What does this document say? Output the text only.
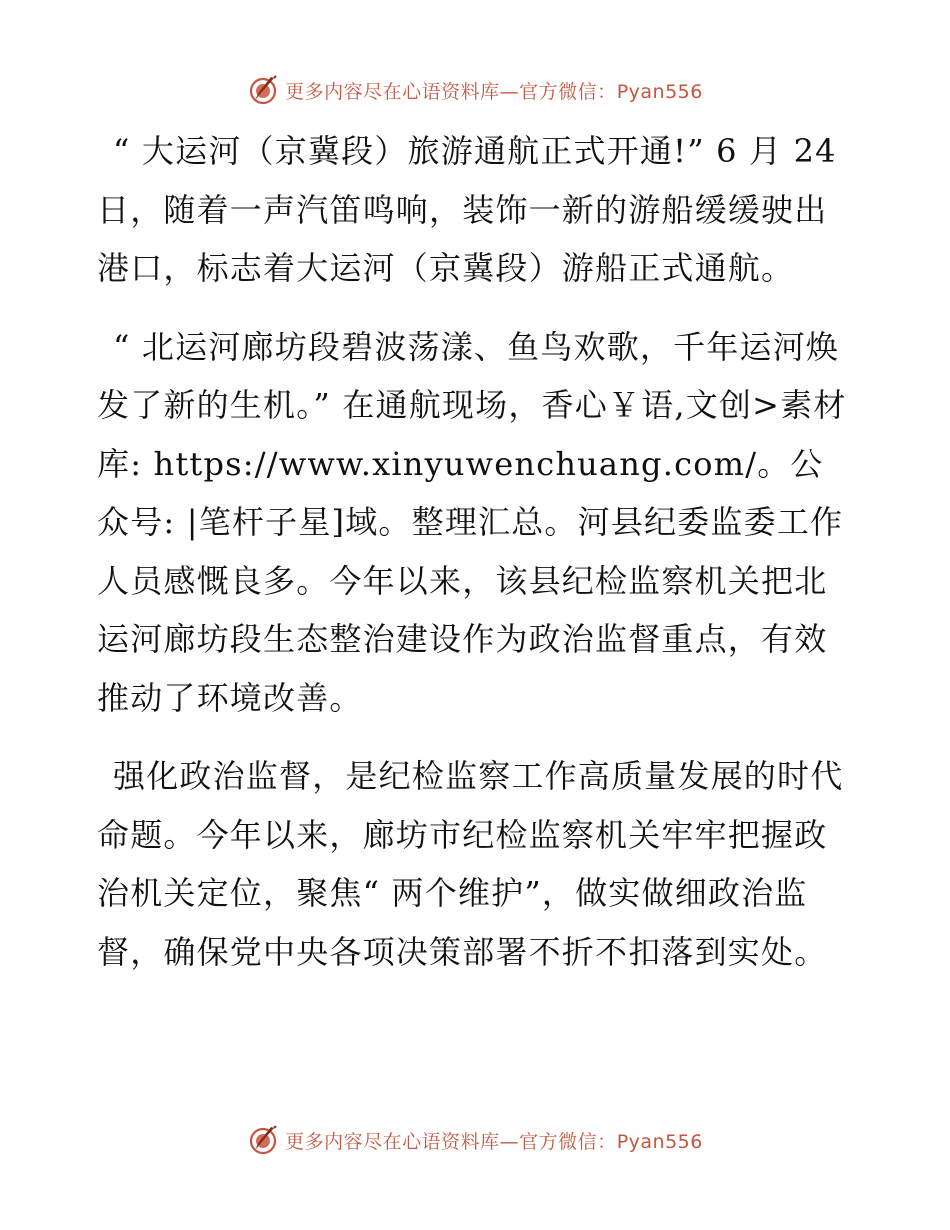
更多内容尽在心语资料库—官方微信：Pyan556

“ 大运河（京冀段）旅游通航正式开通!” 6 月 24 日，随着一声汽笛鸣响，装饰一新的游船缓缓驶出港口，标志着大运河（京冀段）游船正式通航。

“ 北运河廊坊段碧波荡漾、鱼鸟欢歌，千年运河焕发了新的生机。” 在通航现场，香心￥语,文创>素材库: https://www.xinyuwenchuang.com/。公众号: |笔杆子星]域。整理汇总。河县纪委监委工作人员感慨良多。今年以来，该县纪检监察机关把北运河廊坊段生态整治建设作为政治监督重点，有效推动了环境改善。

强化政治监督，是纪检监察工作高质量发展的时代命题。今年以来，廊坊市纪检监察机关牢牢把握政治机关定位，聚焦“ 两个维护”，做实做细政治监督，确保党中央各项决策部署不折不扣落到实处。

更多内容尽在心语资料库—官方微信：Pyan556
